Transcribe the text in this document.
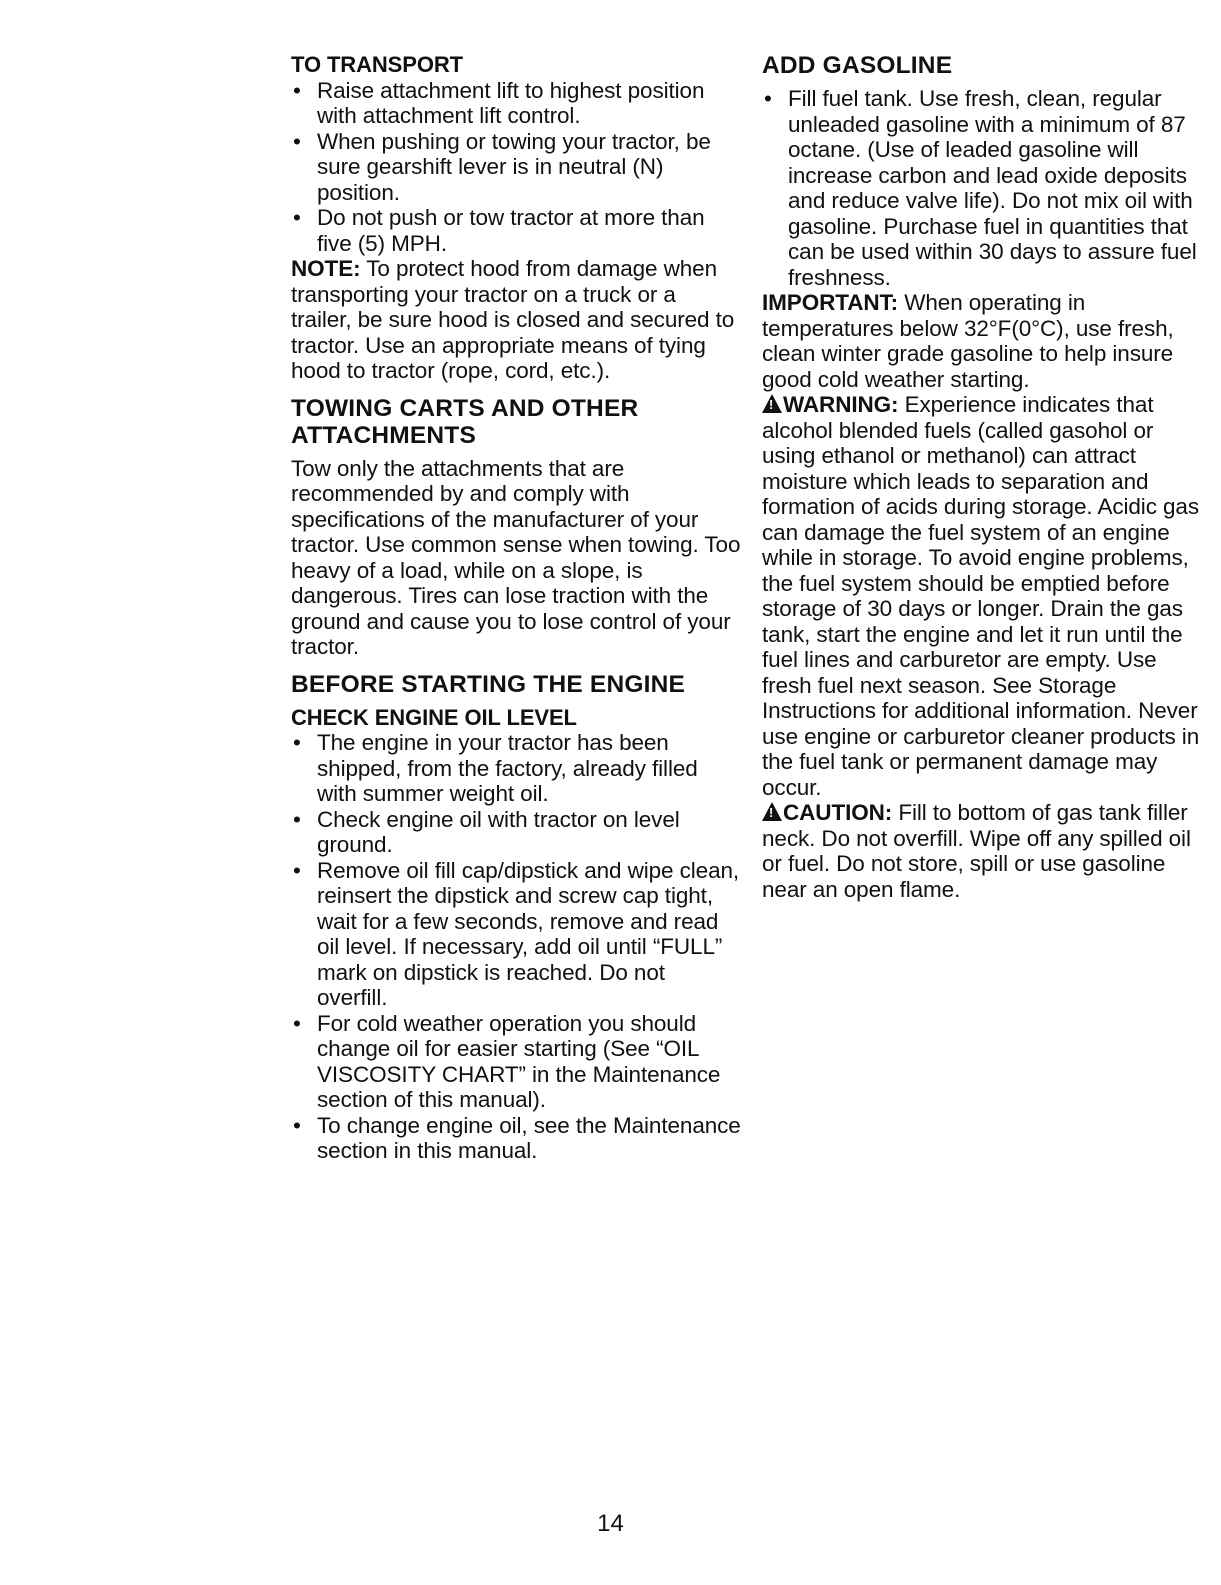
TO TRANSPORT
• Raise attachment lift to highest position with attachment lift control.
• When pushing or towing your tractor, be sure gearshift lever is in neutral (N) position.
• Do not push or tow tractor at more than five (5) MPH.

NOTE: To protect hood from damage when transporting your tractor on a truck or a trailer, be sure hood is closed and secured to tractor. Use an appropriate means of tying hood to tractor (rope, cord, etc.).

TOWING CARTS AND OTHER
ATTACHMENTS

Tow only the attachments that are recommended by and comply with specifications of the manufacturer of your tractor. Use common sense when towing. Too heavy of a load, while on a slope, is dangerous. Tires can lose traction with the ground and cause you to lose control of your tractor.

BEFORE STARTING THE ENGINE
CHECK ENGINE OIL LEVEL
• The engine in your tractor has been shipped, from the factory, already filled with summer weight oil.
• Check engine oil with tractor on level ground.
• Remove oil fill cap/dipstick and wipe clean, reinsert the dipstick and screw cap tight, wait for a few seconds, remove and read oil level. If necessary, add oil until “FULL” mark on dipstick is reached. Do not overfill.
• For cold weather operation you should change oil for easier starting (See “OIL VISCOSITY CHART” in the Maintenance section of this manual).
• To change engine oil, see the Maintenance section in this manual.
ADD GASOLINE
• Fill fuel tank. Use fresh, clean, regular unleaded gasoline with a minimum of 87 octane. (Use of leaded gasoline will increase carbon and lead oxide deposits and reduce valve life). Do not mix oil with gasoline. Purchase fuel in quantities that can be used within 30 days to assure fuel freshness.

IMPORTANT: When operating in temperatures below 32°F(0°C), use fresh, clean winter grade gasoline to help insure good cold weather starting.

!WARNING: Experience indicates that alcohol blended fuels (called gasohol or using ethanol or methanol) can attract moisture which leads to separation and formation of acids during storage. Acidic gas can damage the fuel system of an engine while in storage. To avoid engine problems, the fuel system should be emptied before storage of 30 days or longer. Drain the gas tank, start the engine and let it run until the fuel lines and carburetor are empty. Use fresh fuel next season. See Storage Instructions for additional information. Never use engine or carburetor cleaner products in the fuel tank or permanent damage may occur.

!CAUTION: Fill to bottom of gas tank filler neck. Do not overfill. Wipe off any spilled oil or fuel. Do not store, spill or use gasoline near an open flame.

14
